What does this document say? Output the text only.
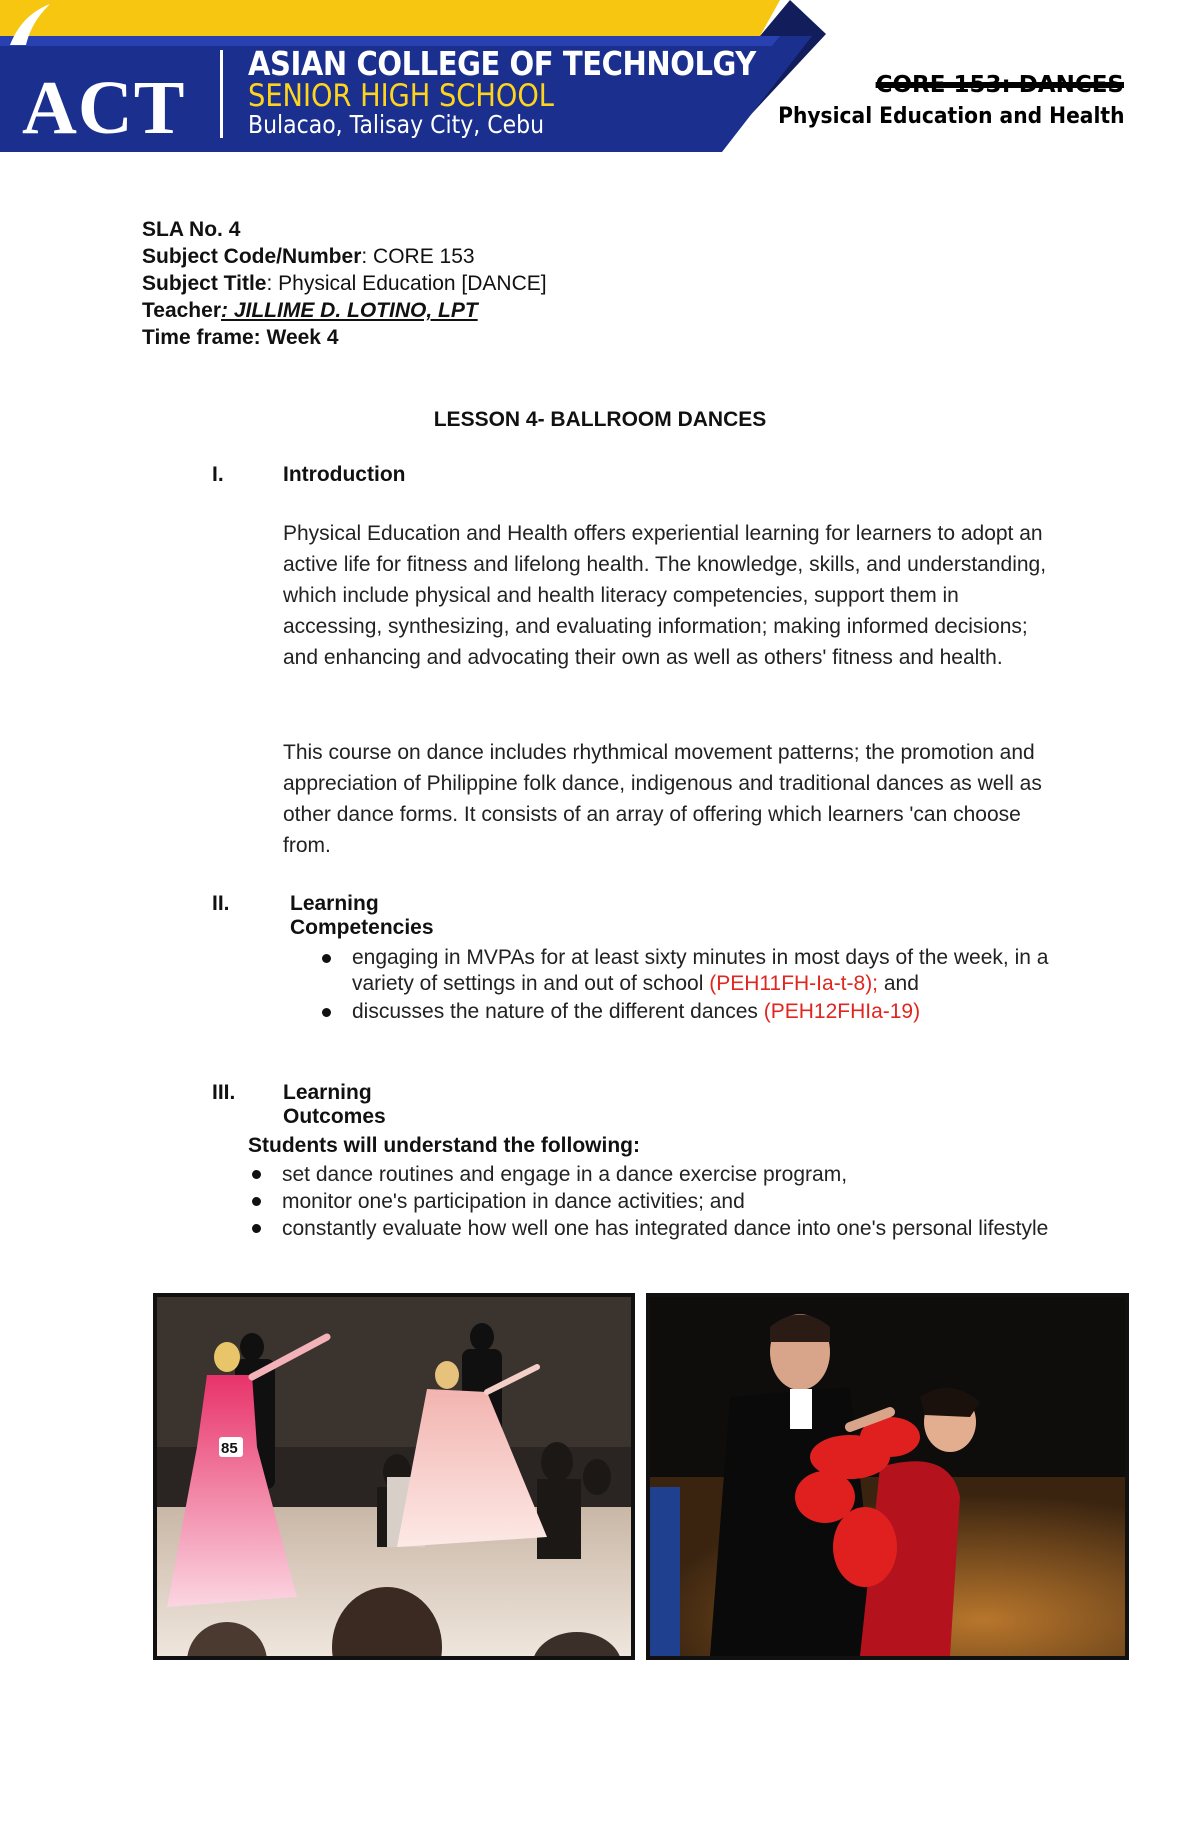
ACT
ASIAN COLLEGE OF TECHNOLGY
SENIOR HIGH SCHOOL
Bulacao, Talisay City, Cebu
CORE 153: DANCES
Physical Education and Health
SLA No. 4
Subject Code/Number: CORE 153
Subject Title: Physical Education [DANCE]
Teacher: JILLIME D. LOTINO, LPT
Time frame: Week 4
LESSON 4- BALLROOM DANCES
I.	Introduction

Physical Education and Health offers experiential learning for learners to adopt an active life for fitness and lifelong health. The knowledge, skills, and understanding, which include physical and health literacy competencies, support them in accessing, synthesizing, and evaluating information; making informed decisions; and enhancing and advocating their own as well as others' fitness and health.

This course on dance includes rhythmical movement patterns; the promotion and appreciation of Philippine folk dance, indigenous and traditional dances as well as other dance forms. It consists of an array of offering which learners 'can choose from.

II.	Learning Competencies
engaging in MVPAs for at least sixty minutes in most days of the week, in a variety of settings in and out of school (PEH11FH-Ia-t-8); and
discusses the nature of the different dances (PEH12FHIa-19)
III. Learning Outcomes
Students will understand the following:
set dance routines and engage in a dance exercise program,
monitor one's participation in dance activities; and
constantly evaluate how well one has integrated dance into one's personal lifestyle
85
